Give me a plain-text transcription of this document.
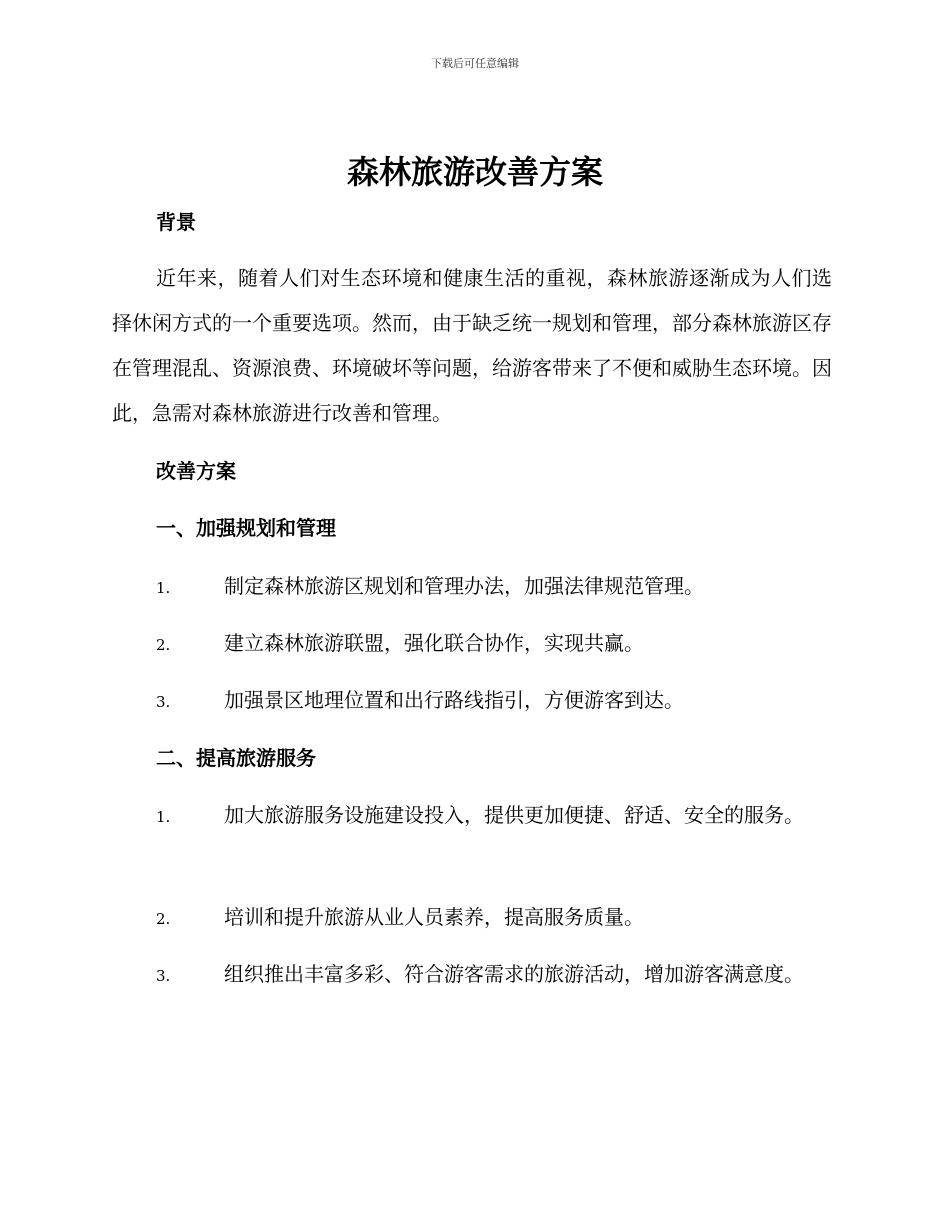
下载后可任意编辑
森林旅游改善方案
背景

近年来，随着人们对生态环境和健康生活的重视，森林旅游逐渐成为人们选择休闲方式的一个重要选项。然而，由于缺乏统一规划和管理，部分森林旅游区存在管理混乱、资源浪费、环境破坏等问题，给游客带来了不便和威胁生态环境。因此，急需对森林旅游进行改善和管理。

改善方案
一、加强规划和管理
1.	制定森林旅游区规划和管理办法，加强法律规范管理。
2.	建立森林旅游联盟，强化联合协作，实现共赢。
3.	加强景区地理位置和出行路线指引，方便游客到达。
二、提高旅游服务
1.	加大旅游服务设施建设投入，提供更加便捷、舒适、安全的服务。
2.	培训和提升旅游从业人员素养，提高服务质量。
3.	组织推出丰富多彩、符合游客需求的旅游活动，增加游客满意度。
